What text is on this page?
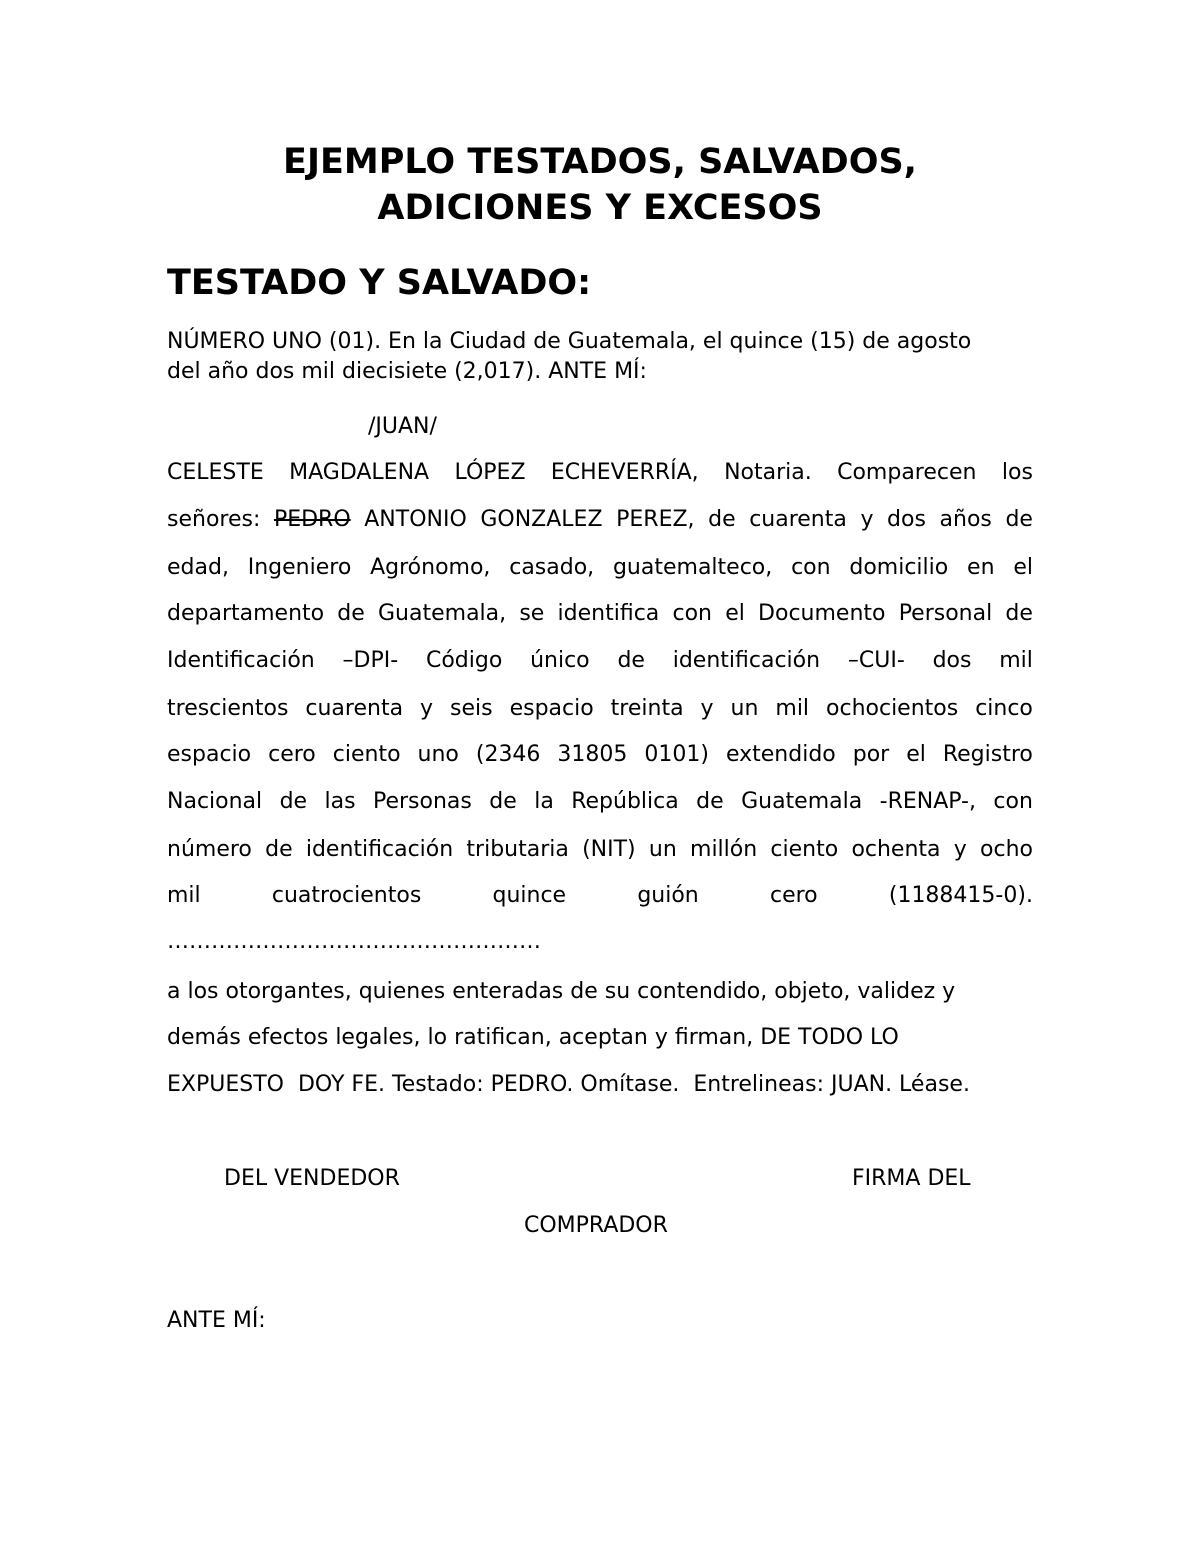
EJEMPLO TESTADOS, SALVADOS,
ADICIONES Y EXCESOS
TESTADO Y SALVADO:
NÚMERO UNO (01). En la Ciudad de Guatemala, el quince (15) de agosto
del año dos mil diecisiete (2,017). ANTE MÍ:
/JUAN/
CELESTE MAGDALENA LÓPEZ ECHEVERRÍA, Notaria. Comparecen los
señores: PEDRO ANTONIO GONZALEZ PEREZ, de cuarenta y dos años de
edad, Ingeniero Agrónomo, casado, guatemalteco, con domicilio en el
departamento de Guatemala, se identifica con el Documento Personal de
Identificación –DPI- Código único de identificación –CUI- dos mil
trescientos cuarenta y seis espacio treinta y un mil ochocientos cinco
espacio cero ciento uno (2346 31805 0101) extendido por el Registro
Nacional de las Personas de la República de Guatemala -RENAP-, con
número de identificación tributaria (NIT) un millón ciento ochenta y ocho
mil	cuatrocientos	quince	guión	cero	(1188415-0).
……………………………………………
a los otorgantes, quienes enteradas de su contendido, objeto, validez y
demás efectos legales, lo ratifican, aceptan y firman, DE TODO LO
EXPUESTO  DOY FE. Testado: PEDRO. Omítase.  Entrelineas: JUAN. Léase.
DEL VENDEDOR	FIRMA DEL
COMPRADOR
ANTE MÍ:
